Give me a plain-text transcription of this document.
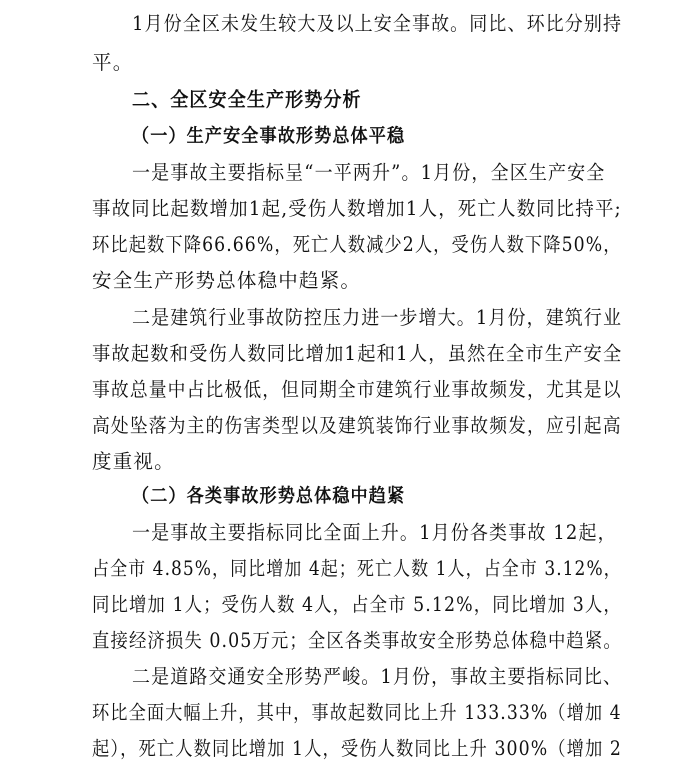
1月份全区未发生较大及以上安全事故。同比、环比分别持
平。
二、全区安全生产形势分析
（一）生产安全事故形势总体平稳
一是事故主要指标呈“一平两升”。1月份，全区生产安全
事故同比起数增加1起,受伤人数增加1人，死亡人数同比持平;
环比起数下降66.66%，死亡人数减少2人，受伤人数下降50%，
安全生产形势总体稳中趋紧。
二是建筑行业事故防控压力进一步增大。1月份，建筑行业
事故起数和受伤人数同比增加1起和1人，虽然在全市生产安全
事故总量中占比极低，但同期全市建筑行业事故频发，尤其是以
高处坠落为主的伤害类型以及建筑装饰行业事故频发，应引起高
度重视。
（二）各类事故形势总体稳中趋紧
一是事故主要指标同比全面上升。1月份各类事故 12起，
占全市 4.85%，同比增加 4起；死亡人数 1人，占全市 3.12%，
同比增加 1人；受伤人数 4人，占全市 5.12%，同比增加 3人，
直接经济损失 0.05万元；全区各类事故安全形势总体稳中趋紧。
二是道路交通安全形势严峻。1月份，事故主要指标同比、
环比全面大幅上升，其中，事故起数同比上升 133.33%（增加 4
起），死亡人数同比增加 1人，受伤人数同比上升 300%（增加 2
